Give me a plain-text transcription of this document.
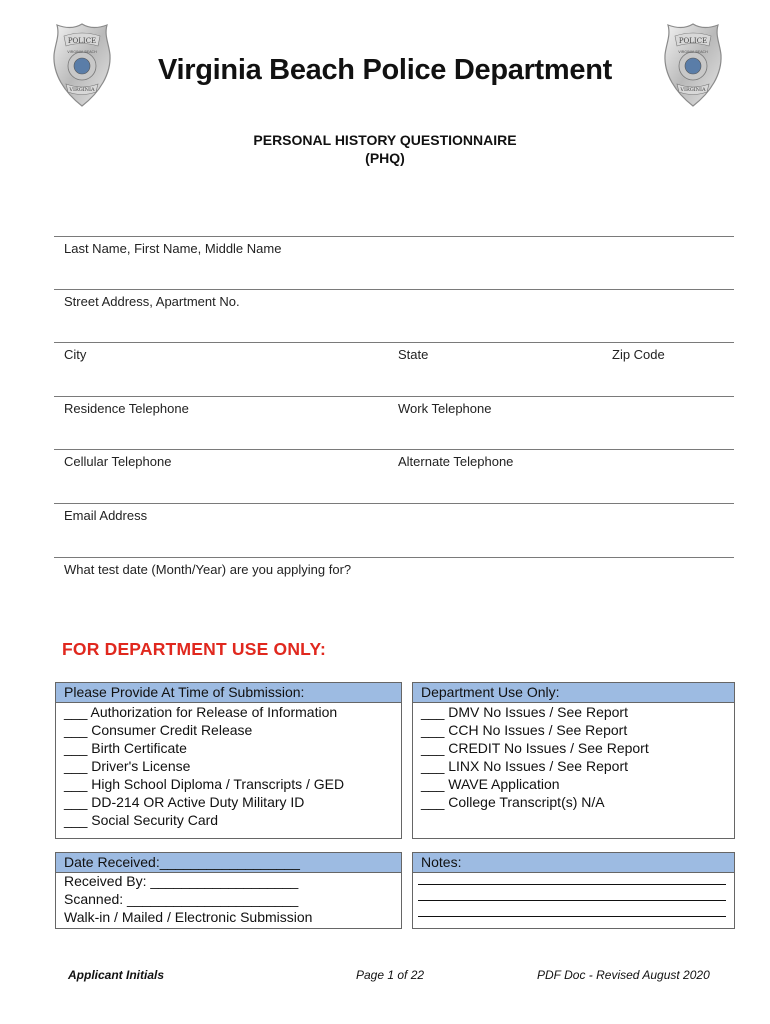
POLICE
VIRGINIA BEACH
VIRGINIA
POLICE
VIRGINIA BEACH
VIRGINIA
Virginia Beach Police Department
PERSONAL HISTORY QUESTIONNAIRE
(PHQ)
Last Name, First Name, Middle Name
Street Address, Apartment No.
City	State	Zip Code
Residence Telephone	Work Telephone
Cellular Telephone	Alternate Telephone
Email Address
What test date (Month/Year) are you applying for?
FOR DEPARTMENT USE ONLY:
Please Provide At Time of Submission:
___ Authorization for Release of Information
___ Consumer Credit Release
___ Birth Certificate
___ Driver's License
___ High School Diploma / Transcripts / GED
___ DD-214 OR Active Duty Military ID
___ Social Security Card
Department Use Only:
___ DMV No Issues / See Report
___ CCH No Issues / See Report
___ CREDIT No Issues / See Report
___ LINX No Issues / See Report
___ WAVE Application
___ College Transcript(s) N/A
Date Received:__________________
Received By: ___________________
Scanned: ______________________
Walk-in / Mailed / Electronic Submission
Notes:
Applicant Initials	Page 1 of 22	PDF Doc - Revised August 2020
